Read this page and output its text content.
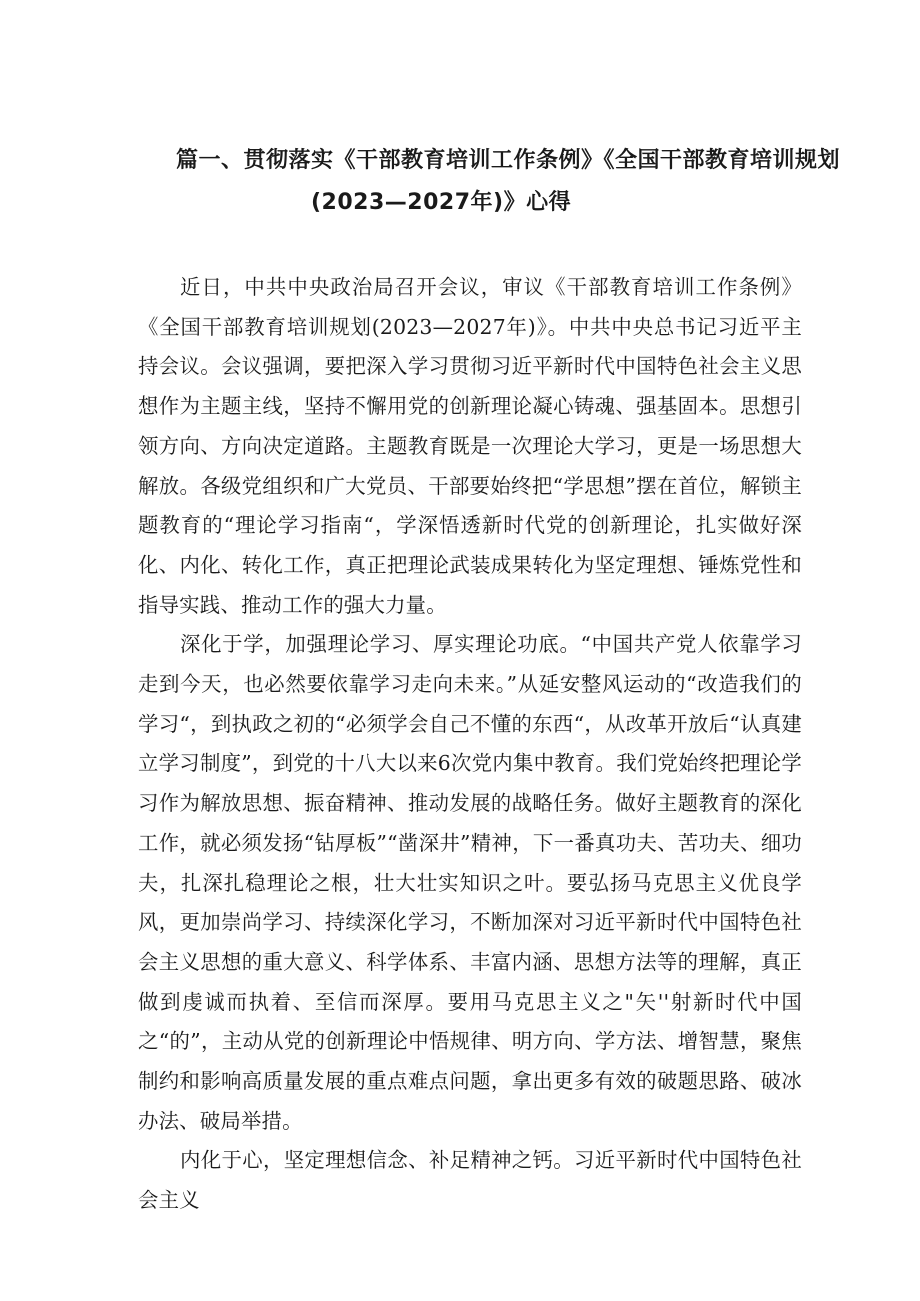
篇一、贯彻落实《干部教育培训工作条例》《全国干部教育培训规划
(2023—2027年)》心得

近日，中共中央政治局召开会议，审议《干部教育培训工作条例》《全国干部教育培训规划(2023—2027年)》。中共中央总书记习近平主持会议。会议强调，要把深入学习贯彻习近平新时代中国特色社会主义思想作为主题主线，坚持不懈用党的创新理论凝心铸魂、强基固本。思想引领方向、方向决定道路。主题教育既是一次理论大学习，更是一场思想大解放。各级党组织和广大党员、干部要始终把“学思想”摆在首位，解锁主题教育的“理论学习指南“，学深悟透新时代党的创新理论，扎实做好深化、内化、转化工作，真正把理论武装成果转化为坚定理想、锤炼党性和指导实践、推动工作的强大力量。

深化于学，加强理论学习、厚实理论功底。“中国共产党人依靠学习走到今天，也必然要依靠学习走向未来。”从延安整风运动的“改造我们的学习“，到执政之初的“必须学会自己不懂的东西“，从改革开放后“认真建立学习制度”，到党的十八大以来6次党内集中教育。我们党始终把理论学习作为解放思想、振奋精神、推动发展的战略任务。做好主题教育的深化工作，就必须发扬“钻厚板”“凿深井”精神，下一番真功夫、苦功夫、细功夫，扎深扎稳理论之根，壮大壮实知识之叶。要弘扬马克思主义优良学风，更加崇尚学习、持续深化学习，不断加深对习近平新时代中国特色社会主义思想的重大意义、科学体系、丰富内涵、思想方法等的理解，真正做到虔诚而执着、至信而深厚。要用马克思主义之"矢''射新时代中国之“的”，主动从党的创新理论中悟规律、明方向、学方法、增智慧，聚焦制约和影响高质量发展的重点难点问题，拿出更多有效的破题思路、破冰办法、破局举措。

内化于心，坚定理想信念、补足精神之钙。习近平新时代中国特色社会主义
